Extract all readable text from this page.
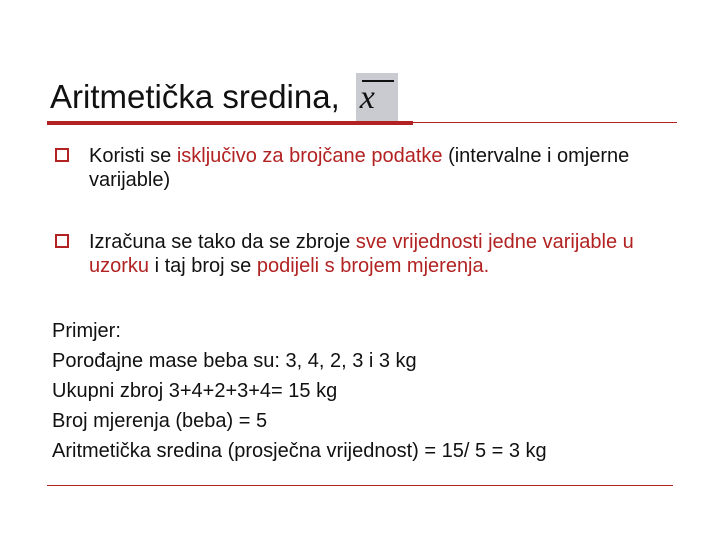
Aritmetička sredina, x
Koristi se isključivo za brojčane podatke (intervalne i omjerne varijable)
Izračuna se tako da se zbroje sve vrijednosti jedne varijable u uzorku i taj broj se podijeli s brojem mjerenja.
Primjer:
Porođajne mase beba su: 3, 4, 2, 3 i 3 kg
Ukupni zbroj 3+4+2+3+4= 15 kg
Broj mjerenja (beba) = 5
Aritmetička sredina (prosječna vrijednost) = 15/ 5 = 3 kg
